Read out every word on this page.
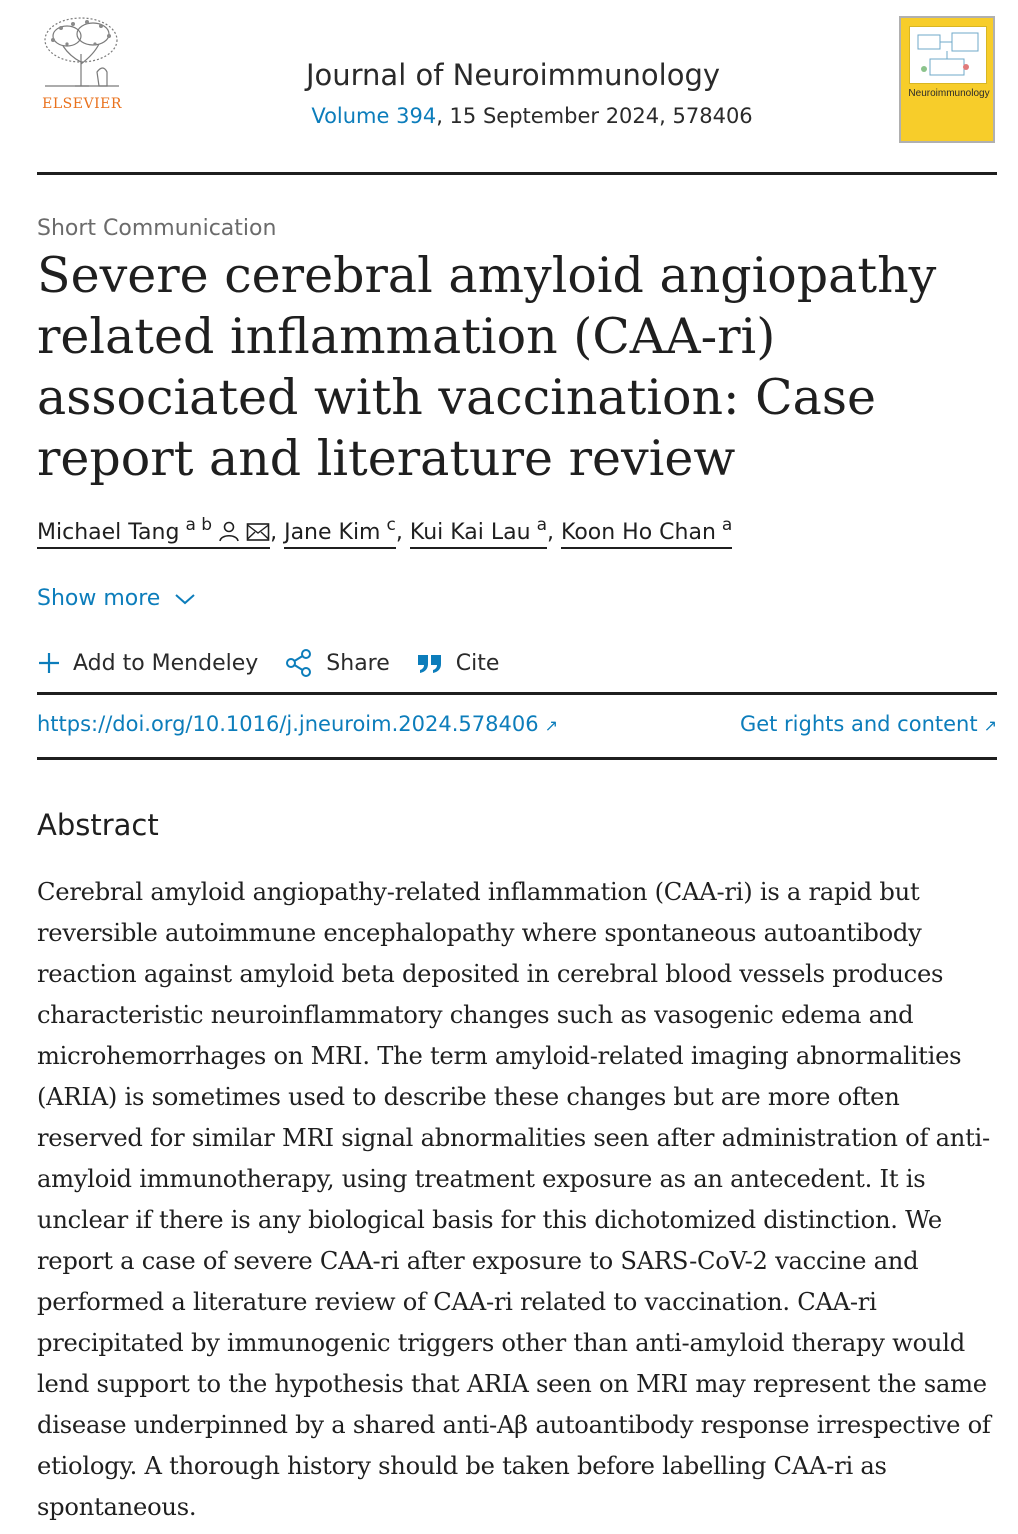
ELSEVIER
Journal of Neuroimmunology
Volume 394, 15 September 2024, 578406
Neuroimmunology
Short Communication
Severe cerebral amyloid angiopathy related inflammation (CAA-ri) associated with vaccination: Case report and literature review
Michael Tang $^{a b}$	, Jane Kim $^c$, Kui Kai Lau $^a$, Koon Ho Chan $^a$
Show more
Add to Mendeley	Share	Cite
https://doi.org/10.1016/j.jneuroim.2024.578406 ↗	Get rights and content ↗
Abstract

Cerebral amyloid angiopathy-related inflammation (CAA-ri) is a rapid but reversible autoimmune encephalopathy where spontaneous autoantibody reaction against amyloid beta deposited in cerebral blood vessels produces characteristic neuroinflammatory changes such as vasogenic edema and microhemorrhages on MRI. The term amyloid-related imaging abnormalities (ARIA) is sometimes used to describe these changes but are more often reserved for similar MRI signal abnormalities seen after administration of anti-amyloid immunotherapy, using treatment exposure as an antecedent. It is unclear if there is any biological basis for this dichotomized distinction. We report a case of severe CAA-ri after exposure to SARS-CoV-2 vaccine and performed a literature review of CAA-ri related to vaccination. CAA-ri precipitated by immunogenic triggers other than anti-amyloid therapy would lend support to the hypothesis that ARIA seen on MRI may represent the same disease underpinned by a shared anti-Aβ autoantibody response irrespective of etiology. A thorough history should be taken before labelling CAA-ri as spontaneous.
